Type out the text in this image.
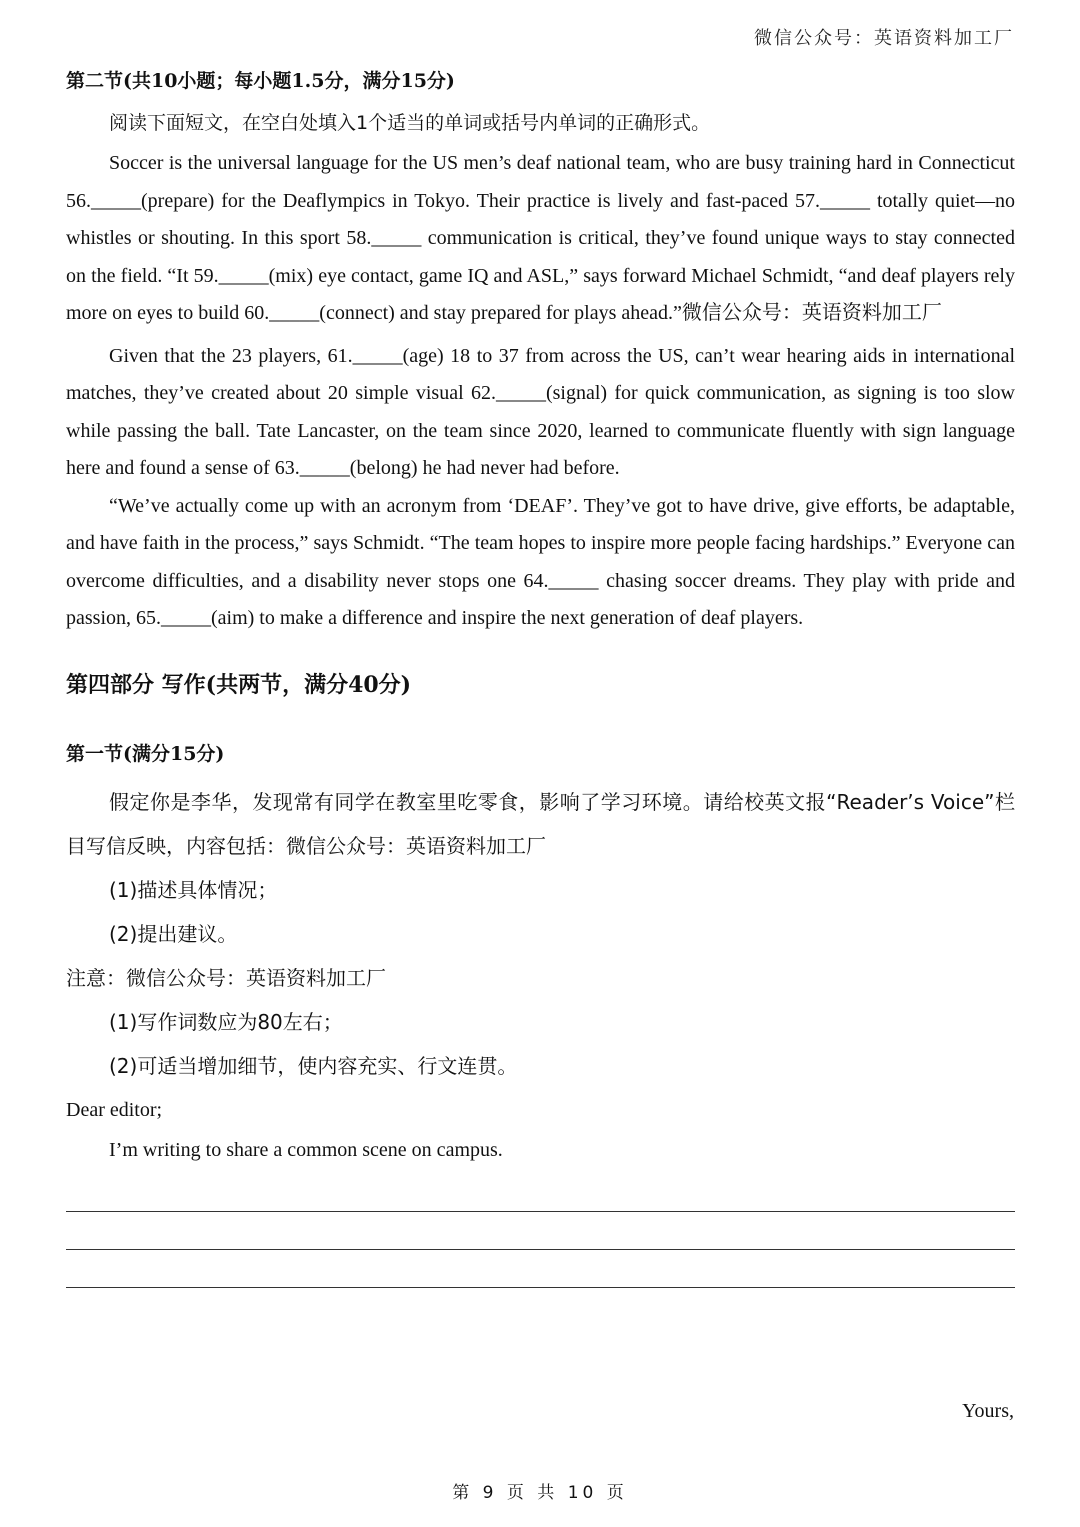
微信公众号：英语资料加工厂

第二节(共10小题；每小题1.5分，满分15分)

阅读下面短文，在空白处填入1个适当的单词或括号内单词的正确形式。

Soccer is the universal language for the US men’s deaf national team, who are busy training hard in Connecticut 56._____(prepare) for the Deaflympics in Tokyo. Their practice is lively and fast-paced 57._____ totally quiet—no whistles or shouting. In this sport 58._____ communication is critical, they’ve found unique ways to stay connected on the field. “It 59._____(mix) eye contact, game IQ and ASL,” says forward Michael Schmidt, “and deaf players rely more on eyes to build 60._____(connect) and stay prepared for plays ahead.”微信公众号：英语资料加工厂

Given that the 23 players, 61._____(age) 18 to 37 from across the US, can’t wear hearing aids in international matches, they’ve created about 20 simple visual 62._____(signal) for quick communication, as signing is too slow while passing the ball. Tate Lancaster, on the team since 2020, learned to communicate fluently with sign language here and found a sense of 63._____(belong) he had never had before.

“We’ve actually come up with an acronym from ‘DEAF’. They’ve got to have drive, give efforts, be adaptable, and have faith in the process,” says Schmidt. “The team hopes to inspire more people facing hardships.” Everyone can overcome difficulties, and a disability never stops one 64._____ chasing soccer dreams. They play with pride and passion, 65._____(aim) to make a difference and inspire the next generation of deaf players.

第四部分 写作(共两节，满分40分)

第一节(满分15分)

假定你是李华，发现常有同学在教室里吃零食，影响了学习环境。请给校英文报“Reader’s Voice”栏目写信反映，内容包括：微信公众号：英语资料加工厂

(1)描述具体情况；

(2)提出建议。

注意：微信公众号：英语资料加工厂

(1)写作词数应为80左右；

(2)可适当增加细节，使内容充实、行文连贯。

Dear editor;

I’m writing to share a common scene on campus.

Yours,
第 9 页 共 10 页
